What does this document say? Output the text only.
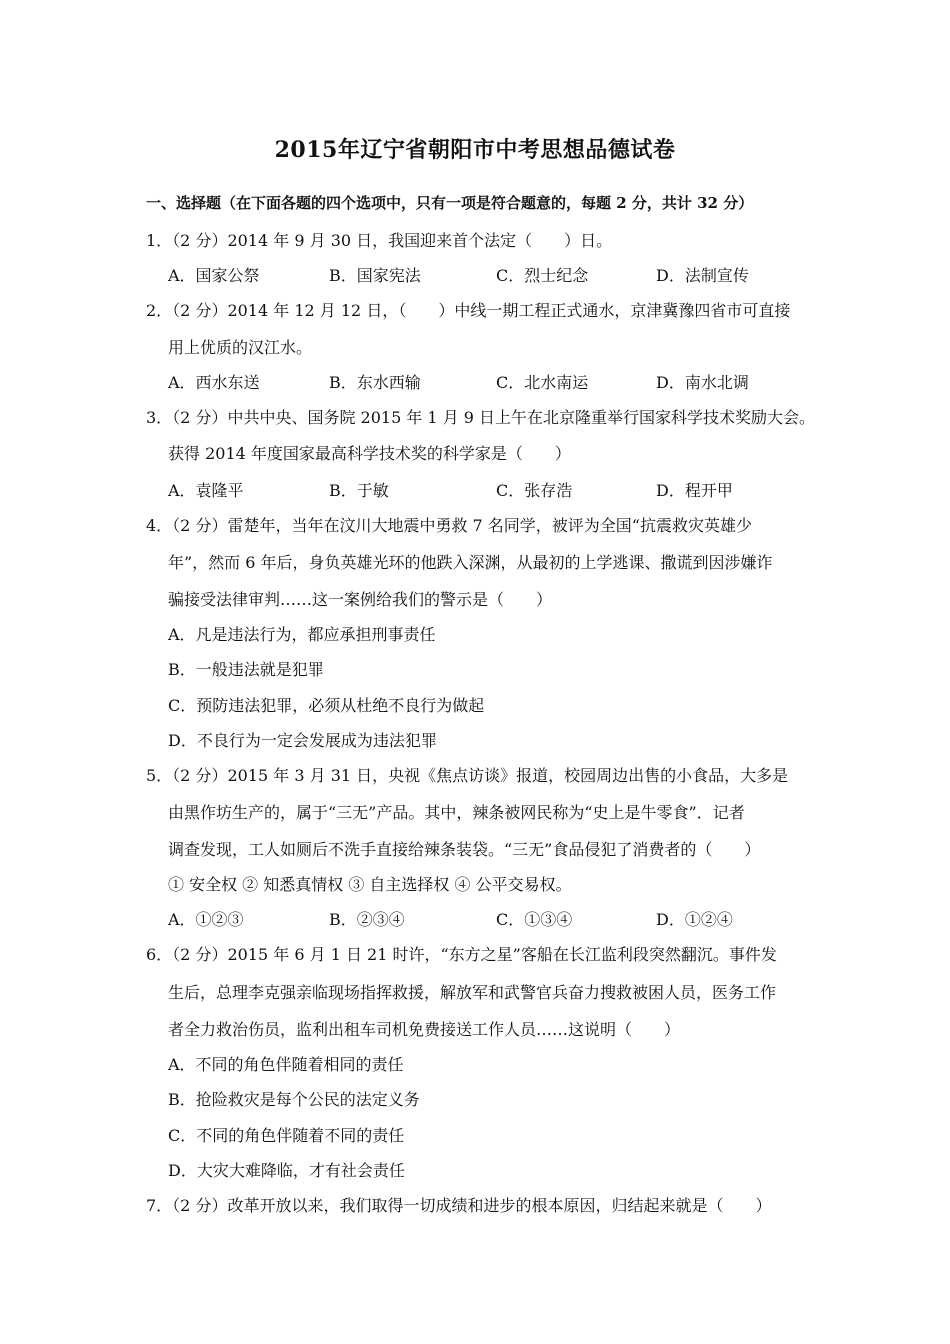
2015年辽宁省朝阳市中考思想品德试卷
一、选择题（在下面各题的四个选项中，只有一项是符合题意的，每题 2 分，共计 32 分）
1．（2 分）2014 年 9 月 30 日，我国迎来首个法定（　　）日。
A．国家公祭	B．国家宪法	C．烈士纪念	D．法制宣传
2．（2 分）2014 年 12 月 12 日，（　　）中线一期工程正式通水，京津冀豫四省市可直接
用上优质的汉江水。
A．西水东送	B．东水西输	C．北水南运	D．南水北调
3．（2 分）中共中央、国务院 2015 年 1 月 9 日上午在北京隆重举行国家科学技术奖励大会。
获得 2014 年度国家最高科学技术奖的科学家是（　　）
A．袁隆平	B．于敏	C．张存浩	D．程开甲
4．（2 分）雷楚年，当年在汶川大地震中勇救 7 名同学，被评为全国“抗震救灾英雄少
年”，然而 6 年后，身负英雄光环的他跌入深渊，从最初的上学逃课、撒谎到因涉嫌诈
骗接受法律审判……这一案例给我们的警示是（　　）
A．凡是违法行为，都应承担刑事责任
B．一般违法就是犯罪
C．预防违法犯罪，必须从杜绝不良行为做起
D．不良行为一定会发展成为违法犯罪
5．（2 分）2015 年 3 月 31 日，央视《焦点访谈》报道，校园周边出售的小食品，大多是
由黑作坊生产的，属于“三无”产品。其中，辣条被网民称为“史上是牛零食”．记者
调查发现，工人如厕后不洗手直接给辣条装袋。“三无”食品侵犯了消费者的（　　）
① 安全权 ② 知悉真情权 ③ 自主选择权 ④ 公平交易权。
A．①②③	B．②③④	C．①③④	D．①②④
6．（2 分）2015 年 6 月 1 日 21 时许，“东方之星”客船在长江监利段突然翻沉。事件发
生后，总理李克强亲临现场指挥救援，解放军和武警官兵奋力搜救被困人员，医务工作
者全力救治伤员，监利出租车司机免费接送工作人员……这说明（　　）
A．不同的角色伴随着相同的责任
B．抢险救灾是每个公民的法定义务
C．不同的角色伴随着不同的责任
D．大灾大难降临，才有社会责任
7．（2 分）改革开放以来，我们取得一切成绩和进步的根本原因，归结起来就是（　　）
